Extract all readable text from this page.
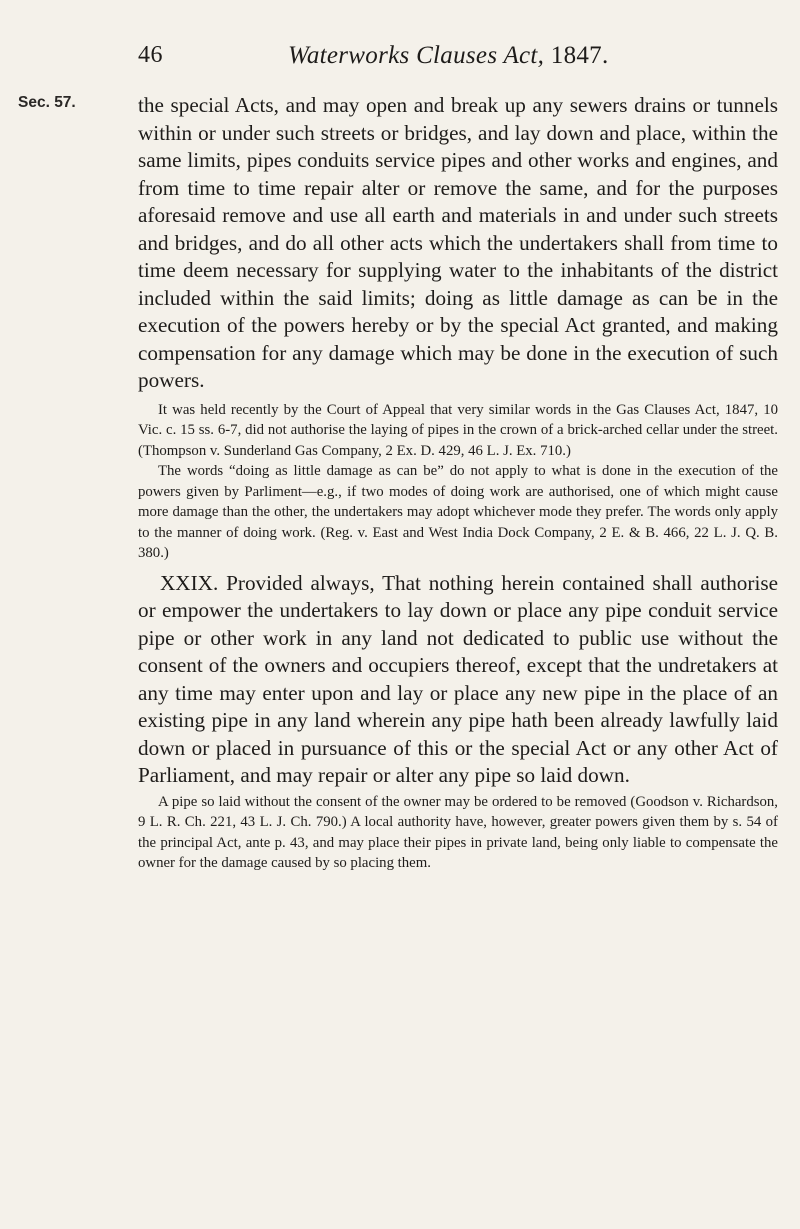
46	Waterworks Clauses Act, 1847.
Sec. 57.	the special Acts, and may open and break up any sewers drains or tunnels within or under such streets or bridges, and lay down and place, within the same limits, pipes conduits service pipes and other works and engines, and from time to time repair alter or remove the same, and for the purposes aforesaid remove and use all earth and materials in and under such streets and bridges, and do all other acts which the undertakers shall from time to time deem necessary for supplying water to the inhabitants of the district included within the said limits; doing as little damage as can be in the execution of the powers hereby or by the special Act granted, and making compensation for any damage which may be done in the execution of such powers.

It was held recently by the Court of Appeal that very similar words in the Gas Clauses Act, 1847, 10 Vic. c. 15 ss. 6-7, did not authorise the laying of pipes in the crown of a brick-arched cellar under the street. (Thompson v. Sunderland Gas Company, 2 Ex. D. 429, 46 L. J. Ex. 710.)

The words “doing as little damage as can be” do not apply to what is done in the execution of the powers given by Parliment—e.g., if two modes of doing work are authorised, one of which might cause more damage than the other, the undertakers may adopt whichever mode they prefer. The words only apply to the manner of doing work. (Reg. v. East and West India Dock Company, 2 E. & B. 466, 22 L. J. Q. B. 380.)

XXIX. Provided always, That nothing herein contained shall authorise or empower the undertakers to lay down or place any pipe conduit service pipe or other work in any land not dedicated to public use without the consent of the owners and occupiers thereof, except that the undretakers at any time may enter upon and lay or place any new pipe in the place of an existing pipe in any land wherein any pipe hath been already lawfully laid down or placed in pursuance of this or the special Act or any other Act of Parliament, and may repair or alter any pipe so laid down.

A pipe so laid without the consent of the owner may be ordered to be removed (Goodson v. Richardson, 9 L. R. Ch. 221, 43 L. J. Ch. 790.) A local authority have, however, greater powers given them by s. 54 of the principal Act, ante p. 43, and may place their pipes in private land, being only liable to compensate the owner for the damage caused by so placing them.
